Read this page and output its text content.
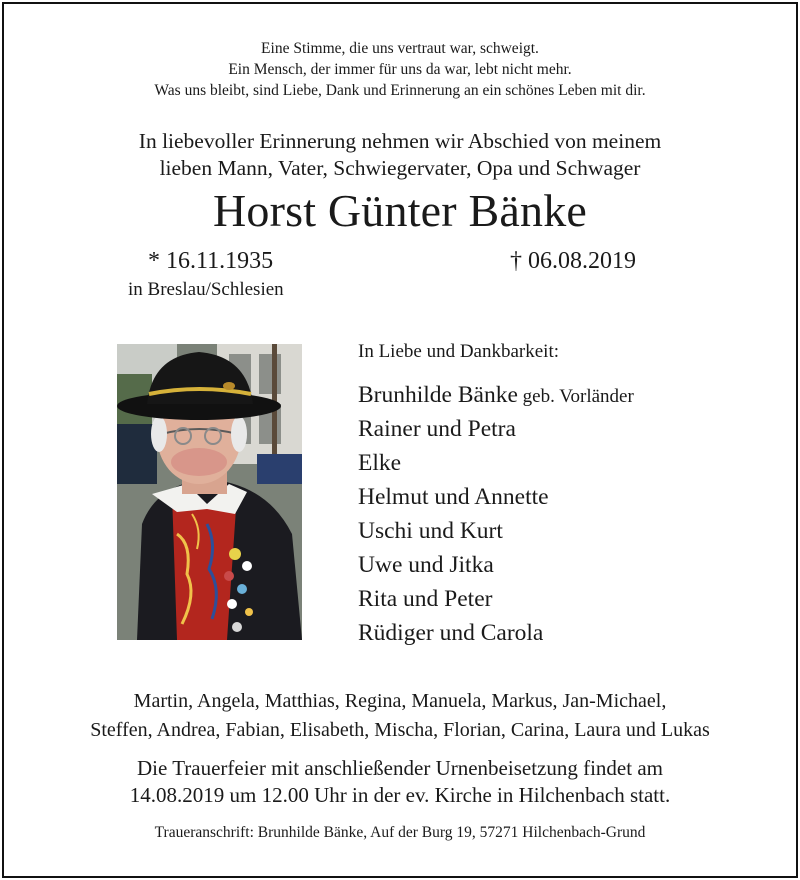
Eine Stimme, die uns vertraut war, schweigt.
Ein Mensch, der immer für uns da war, lebt nicht mehr.
Was uns bleibt, sind Liebe, Dank und Erinnerung an ein schönes Leben mit dir.
In liebevoller Erinnerung nehmen wir Abschied von meinem
lieben Mann, Vater, Schwiegervater, Opa und Schwager
Horst Günter Bänke
* 16.11.1935
in Breslau/Schlesien
† 06.08.2019
In Liebe und Dankbarkeit:
Brunhilde Bänke geb. Vorländer
Rainer und Petra
Elke
Helmut und Annette
Uschi und Kurt
Uwe und Jitka
Rita und Peter
Rüdiger und Carola
Martin, Angela, Matthias, Regina, Manuela, Markus, Jan-Michael,
Steffen, Andrea, Fabian, Elisabeth, Mischa, Florian, Carina, Laura und Lukas
Die Trauerfeier mit anschließender Urnenbeisetzung findet am
14.08.2019 um 12.00 Uhr in der ev. Kirche in Hilchenbach statt.
Traueranschrift: Brunhilde Bänke, Auf der Burg 19, 57271 Hilchenbach-Grund
